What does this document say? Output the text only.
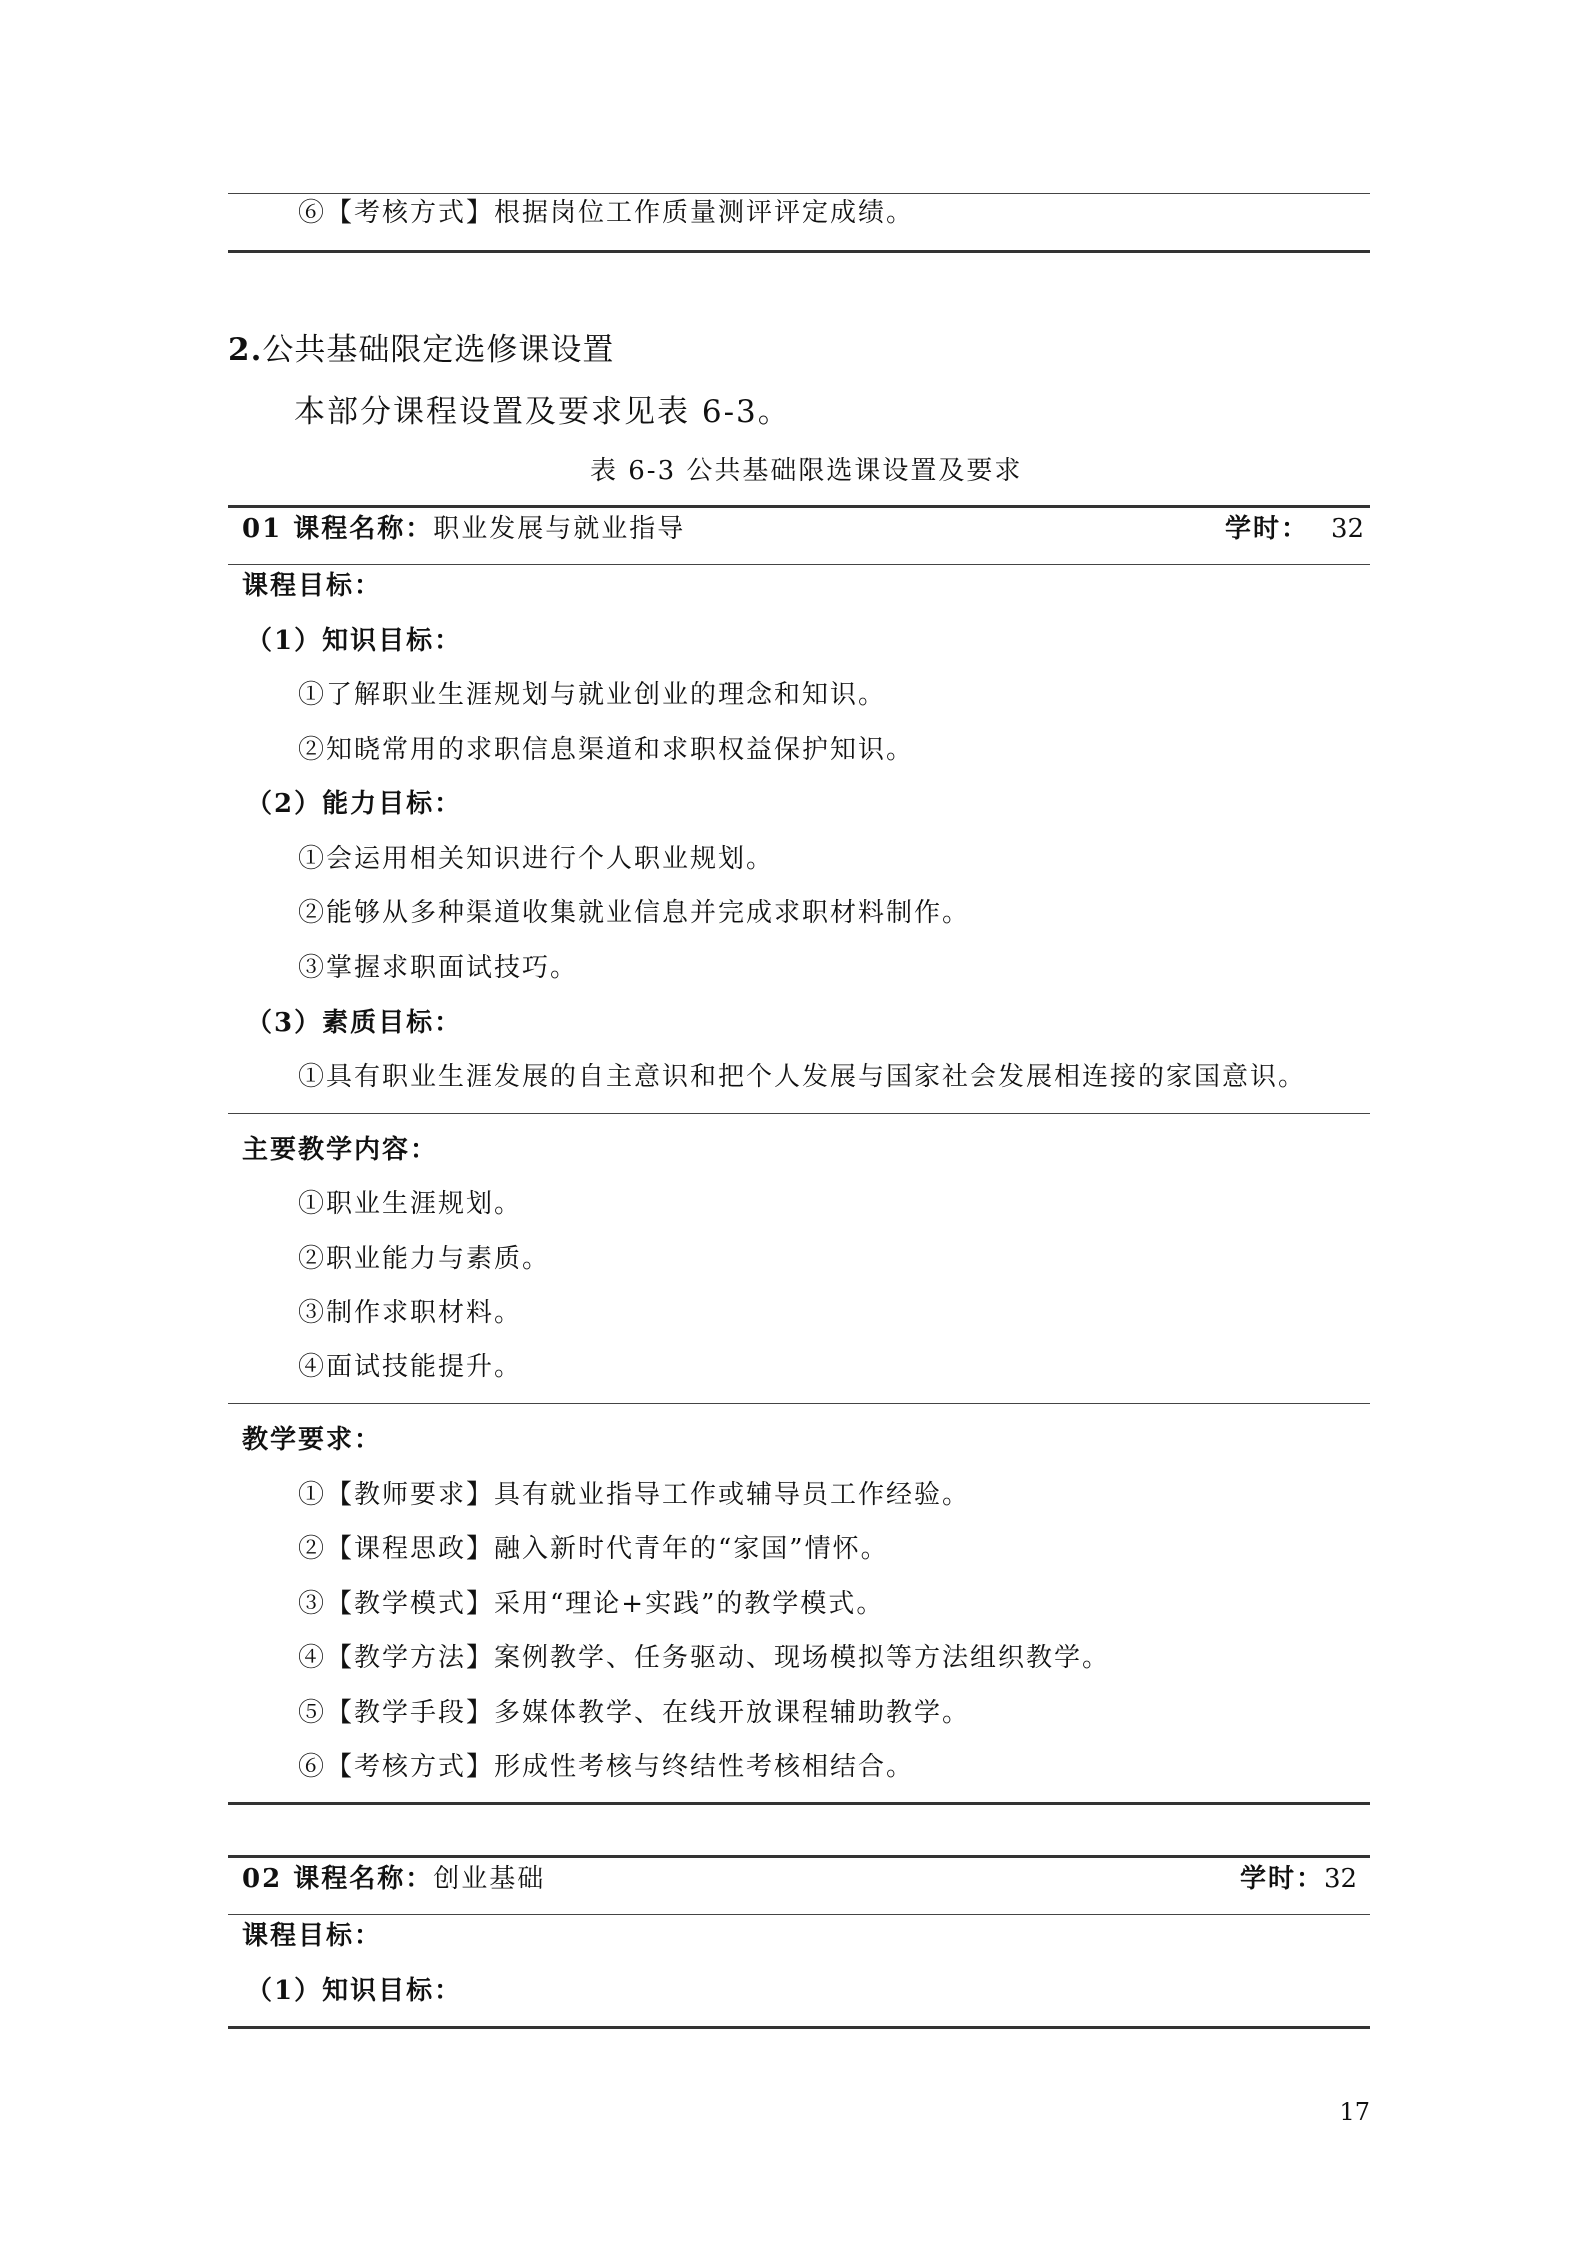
⑥【考核方式】根据岗位工作质量测评评定成绩。
2.公共基础限定选修课设置
本部分课程设置及要求见表 6-3。
表 6-3 公共基础限选课设置及要求
01 课程名称：职业发展与就业指导	学时： 32
课程目标：
（1）知识目标：
①了解职业生涯规划与就业创业的理念和知识。
②知晓常用的求职信息渠道和求职权益保护知识。
（2）能力目标：
①会运用相关知识进行个人职业规划。
②能够从多种渠道收集就业信息并完成求职材料制作。
③掌握求职面试技巧。
（3）素质目标：
①具有职业生涯发展的自主意识和把个人发展与国家社会发展相连接的家国意识。
主要教学内容：
①职业生涯规划。
②职业能力与素质。
③制作求职材料。
④面试技能提升。
教学要求：
①【教师要求】具有就业指导工作或辅导员工作经验。
②【课程思政】融入新时代青年的“家国”情怀。
③【教学模式】采用“理论+实践”的教学模式。
④【教学方法】案例教学、任务驱动、现场模拟等方法组织教学。
⑤【教学手段】多媒体教学、在线开放课程辅助教学。
⑥【考核方式】形成性考核与终结性考核相结合。
02 课程名称：创业基础	学时：32
课程目标：
（1）知识目标：
17
